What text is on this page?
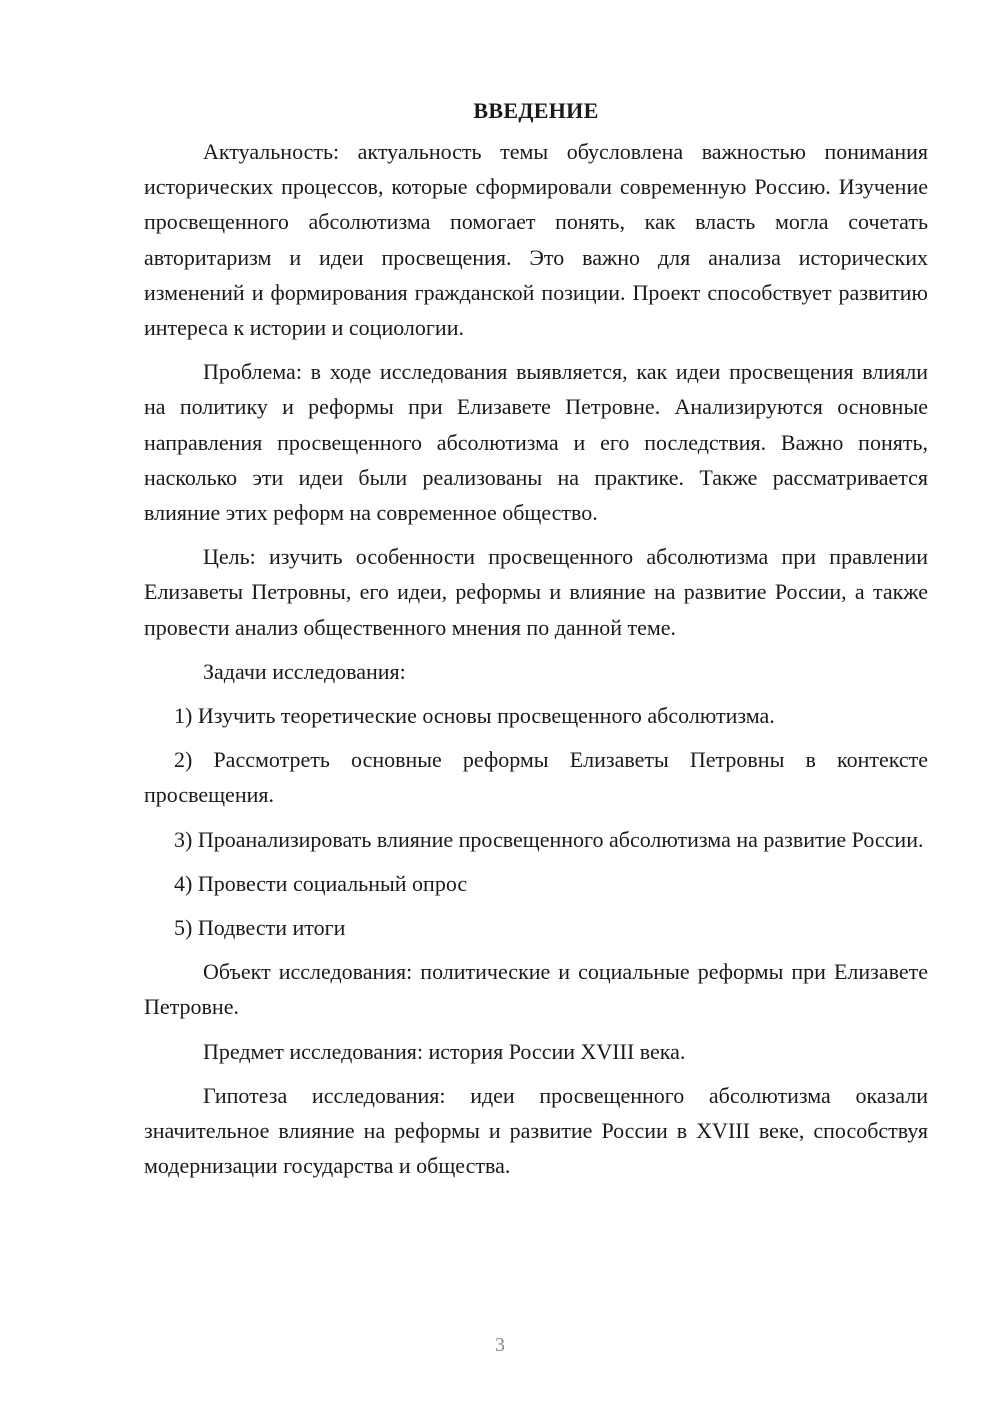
ВВЕДЕНИЕ

Актуальность: актуальность темы обусловлена важностью понимания исторических процессов, которые сформировали современную Россию. Изучение просвещенного абсолютизма помогает понять, как власть могла сочетать авторитаризм и идеи просвещения. Это важно для анализа исторических изменений и формирования гражданской позиции. Проект способствует развитию интереса к истории и социологии.

Проблема: в ходе исследования выявляется, как идеи просвещения влияли на политику и реформы при Елизавете Петровне. Анализируются основные направления просвещенного абсолютизма и его последствия. Важно понять, насколько эти идеи были реализованы на практике. Также рассматривается влияние этих реформ на современное общество.

Цель: изучить особенности просвещенного абсолютизма при правлении Елизаветы Петровны, его идеи, реформы и влияние на развитие России, а также провести анализ общественного мнения по данной теме.

Задачи исследования:

1) Изучить теоретические основы просвещенного абсолютизма.

2) Рассмотреть основные реформы Елизаветы Петровны в контексте просвещения.

3) Проанализировать влияние просвещенного абсолютизма на развитие России.

4) Провести социальный опрос

5) Подвести итоги

Объект исследования: политические и социальные реформы при Елизавете Петровне.

Предмет исследования: история России XVIII века.

Гипотеза исследования: идеи просвещенного абсолютизма оказали значительное влияние на реформы и развитие России в XVIII веке, способствуя модернизации государства и общества.

3
